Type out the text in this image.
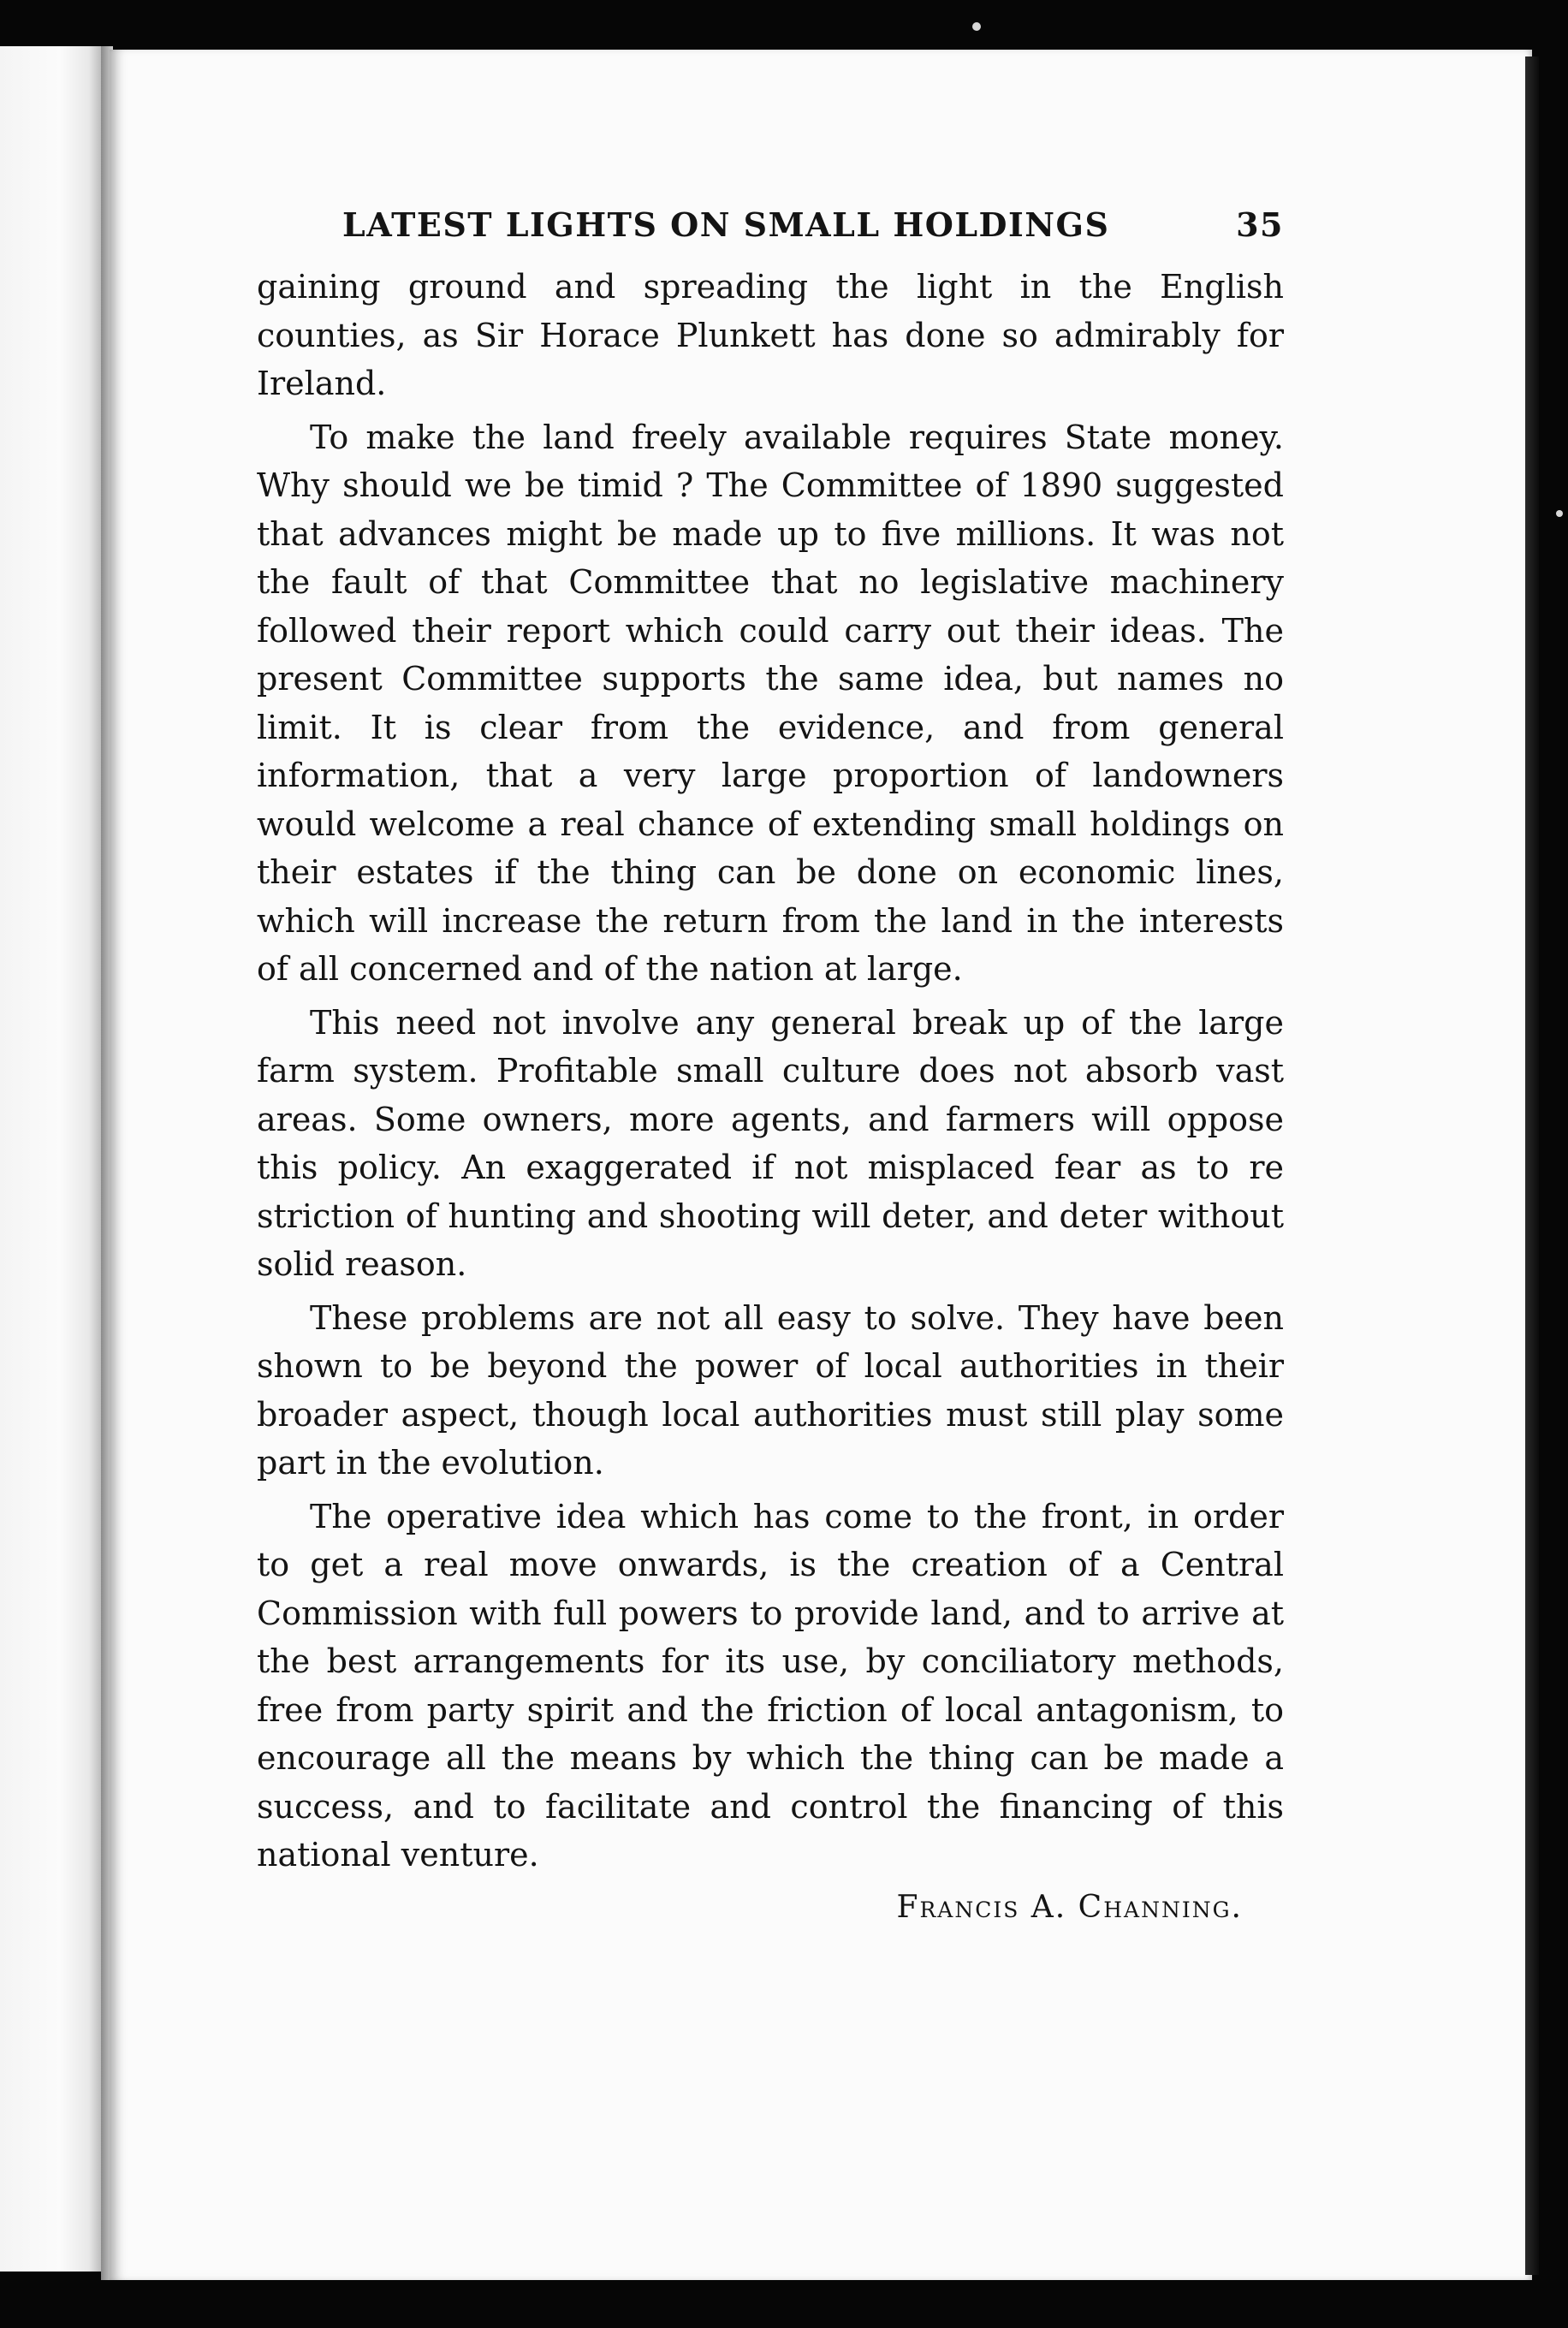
LATEST LIGHTS ON SMALL HOLDINGS	35

gaining ground and spreading the light in the English counties, as Sir Horace Plunkett has done so admirably for Ireland.

To make the land freely available requires State money. Why should we be timid ? The Committee of 1890 suggested that advances might be made up to five millions. It was not the fault of that Committee that no legislative machinery followed their report which could carry out their ideas. The present Committee supports the same idea, but names no limit. It is clear from the evidence, and from general information, that a very large proportion of landowners would welcome a real chance of extending small holdings on their estates if the thing can be done on economic lines, which will increase the return from the land in the interests of all concerned and of the nation at large.

This need not involve any general break up of the large farm system. Profitable small culture does not absorb vast areas. Some owners, more agents, and farmers will oppose this policy. An exaggerated if not misplaced fear as to re striction of hunting and shooting will deter, and deter without solid reason.

These problems are not all easy to solve. They have been shown to be beyond the power of local authorities in their broader aspect, though local authorities must still play some part in the evolution.

The operative idea which has come to the front, in order to get a real move onwards, is the creation of a Central Commission with full powers to provide land, and to arrive at the best arrangements for its use, by conciliatory methods, free from party spirit and the friction of local antagonism, to encourage all the means by which the thing can be made a success, and to facilitate and control the financing of this national venture.

Francis A. Channing.
